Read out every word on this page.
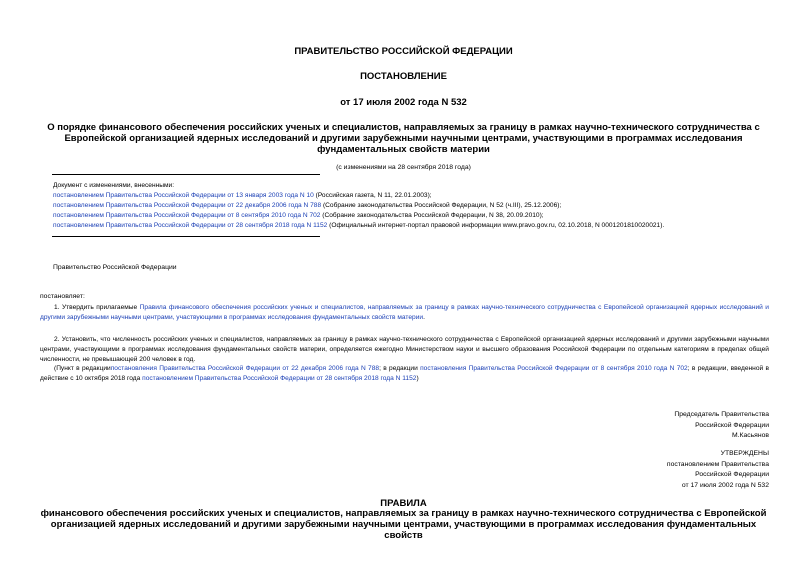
ПРАВИТЕЛЬСТВО РОССИЙСКОЙ ФЕДЕРАЦИИ
ПОСТАНОВЛЕНИЕ
от 17 июля 2002 года N 532
О порядке финансового обеспечения российских ученых и специалистов, направляемых за границу в рамках научно-технического сотрудничества с Европейской организацией ядерных исследований и другими зарубежными научными центрами, участвующими в программах исследования фундаментальных свойств материи
(с изменениями на 28 сентября 2018 года)
Документ с изменениями, внесенными:
постановлением Правительства Российской Федерации от 13 января 2003 года N 10 (Российская газета, N 11, 22.01.2003);
постановлением Правительства Российской Федерации от 22 декабря 2006 года N 788 (Собрание законодательства Российской Федерации, N 52 (ч.III), 25.12.2006);
постановлением Правительства Российской Федерации от 8 сентября 2010 года N 702 (Собрание законодательства Российской Федерации, N 38, 20.09.2010);
постановлением Правительства Российской Федерации от 28 сентября 2018 года N 1152 (Официальный интернет-портал правовой информации www.pravo.gov.ru, 02.10.2018, N 0001201810020021).
Правительство Российской Федерации
постановляет:
1. Утвердить прилагаемые Правила финансового обеспечения российских ученых и специалистов, направляемых за границу в рамках научно-технического сотрудничества с Европейской организацией ядерных исследований и другими зарубежными научными центрами, участвующими в программах исследования фундаментальных свойств материи.
2. Установить, что численность российских ученых и специалистов, направляемых за границу в рамках научно-технического сотрудничества с Европейской организацией ядерных исследований и другими зарубежными научными центрами, участвующими в программах исследования фундаментальных свойств материи, определяется ежегодно Министерством науки и высшего образования Российской Федерации по отдельным категориям в пределах общей численности, не превышающей 200 человек в год.
(Пункт в редакциипостановления Правительства Российской Федерации от 22 декабря 2006 года N 788; в редакции постановления Правительства Российской Федерации от 8 сентября 2010 года N 702; в редакции, введенной в действие с 10 октября 2018 года постановлением Правительства Российской Федерации от 28 сентября 2018 года N 1152)
Председатель Правительства
Российской Федерации
М.Касьянов
УТВЕРЖДЕНЫ
постановлением Правительства
Российской Федерации
от 17 июля 2002 года N 532
ПРАВИЛА
финансового обеспечения российских ученых и специалистов, направляемых за границу в рамках научно-технического сотрудничества с Европейской организацией ядерных исследований и другими зарубежными научными центрами, участвующими в программах исследования фундаментальных свойств
